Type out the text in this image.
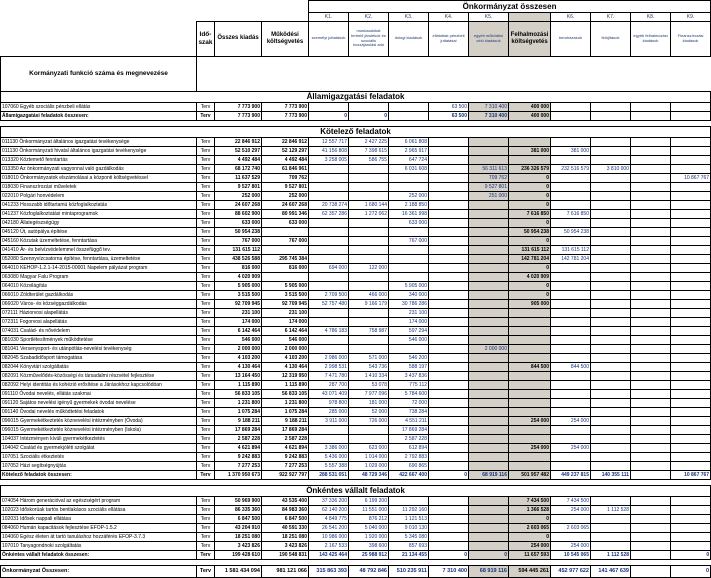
				Önkormányzat összesen									
				K1.	K2.	K3.	K4.	K5.		K6.	K7.	K8.	K9.
	Idő-szak	Összes kiadás	Működési költségvetés	személyi juttatások	munkaadókat terhelő járulékok és szociális hozzájárulási adó	dologi kiadások	ellátottak pénzbeli juttatásai	egyéb működési célú kiadások	Felhalmozási költségvetés	beruházások	felújítások	egyéb felhalmozási kiadások	Finanszírozási kiadások

Kormányzati funkció száma és megnevezése													
Államigazgatási feladatok													
107060 Egyéb szociális pénzbeli ellátás	Terv	7 773 900	7 773 900				63 500	7 310 400	400 000				
Államigazgatási feladatok összesen:	Terv	7 773 900	7 773 900	0	0		63 500	7 310 400	400 000				

Kötelező feladatok													
011130 Önkormányzat általános igazgatási tevékenysége	Terv	22 846 912	22 846 912	12 557 717	2 427 225	6 061 808							
011130 Önkormányzati hivatal általános igazgatási tevékenysége	Terv	52 510 297	52 129 297	41 156 808	7 398 615	2 965 917			381 000	381 000			
013320 Köztemető fenntartás	Terv	4 492 484	4 492 484	3 258 005	586 755	647 724							
013350 Az önkormányzati vagyonnal való gazdálkodás	Terv	68 172 740	61 846 961			6 031 608		56 311 613	236 326 579	232 516 579	3 810 000		
018010 Önkormányzatok elszámolásai a központi költségvetéssel	Terv	11 637 529	709 762					709 762	0				10 867 767
018030 Finanszírozási műveletek	Terv	9 527 801	9 527 801					9 527 801	0				
022010 Polgári honvédelem	Terv	252 000	252 000			252 000		251 000	0				
041233 Hosszabb időtartamú közfoglalkoztatás	Terv	24 607 268	24 607 268	20 738 274	1 680 144	2 188 850			0				
041237 Közfoglalkoztatási mintaprogramok	Terv	88 602 900	80 991 346	62 357 286	1 272 062	16 361 998			7 616 850	7 616 850			
042180 Állategészségügy	Terv	633 000	633 000			633 000			0				
045120 Út, autópálya építése	Terv	50 954 238							50 954 238	50 954 238			
045160 Közutak üzemeltetése, fenntartása	Terv	767 000	767 000			767 000			0				
041410 Ár- és belvízvédelemmel összefüggő tev.	Terv	131 615 112							131 615 112	131 615 112			
052080 Szennyvízcsatorna építése, fenntartása, üzemeltetése	Terv	438 526 588	295 745 384						142 781 204	142 781 204			
064010 KEHOP-1.2.1-14-2015-00001 Napelem pályázat program	Terv	816 000	816 000	694 000	122 000				0				
063080 Magyar Falu Program	Terv	4 020 909							4 020 909				
064010 Közvilágítás	Terv	5 905 000	5 905 000			5 905 000			0				
066010 Zöldterület gazdálkodás	Terv	3 515 500	3 515 500	2 709 500	466 000	340 000			0				
066020 Város- és községgazdálkodás	Terv	92 709 945	92 709 945	52 757 480	9 166 179	30 786 286			905 000				
072111 Háziorvosi alapellátás	Terv	231 100	231 100			231 100							
072311 Fogorvosi alapellátás	Terv	174 000	174 000			174 000							
074031 Család- és nővédelem	Terv	6 142 464	6 142 464	4 786 183	758 987	597 294							
081030 Sportlétesítmények működtetése	Terv	546 000	546 000			546 000							
081041 Versenysport- és utánpótlás-nevelési tevékenység	Terv	2 000 000	2 000 000					2 000 000					
082045 Szabadidősport támogatása	Terv	4 103 200	4 103 200	2 986 000	571 000	546 200							
082044 Könyvtári szolgáltatás	Terv	4 130 464	4 130 464	2 998 531	543 736	588 197			844 500	844 500			
082091 Közművelődés-közösségi és társadalmi részvétel fejlesztése	Terv	13 164 450	12 319 950	7 471 780	1 410 334	3 437 836							
082092 Helyi identitás és kohézió erősítése a Járásokhoz kapcsolódóan	Terv	1 115 890	1 115 890	287 700	53 078	775 112							
091110 Óvodai nevelés, ellátás szakmai	Terv	56 833 105	56 833 105	43 071 409	7 977 096	5 784 600							
091120 Sajátos nevelési igényű gyermekek óvodai nevelése	Terv	1 231 800	1 231 800	978 800	181 000	72 000							
091140 Óvodai nevelés működtetési feladatok	Terv	1 075 284	1 075 284	285 000	52 000	738 284							
096015 Gyermekétkeztetés köznevelési intézményben (Óvoda)	Terv	9 188 211	9 188 211	3 911 000	726 000	4 551 211			254 000	254 000			
096015 Gyermekétkeztetés köznevelési intézményben (Iskola)	Terv	17 869 284	17 869 284			17 869 284							
104037 Intézményen kívüli gyermekétkeztetés	Terv	2 587 228	2 587 228			2 587 228							
104042 Család és gyermekjóléti szolgálat	Terv	4 621 894	4 621 894	3 386 000	623 000	612 894			254 000	254 000			
107051 Szociális étkeztetés	Terv	9 242 883	9 242 883	5 436 000	1 014 000	2 792 883							
107052 Házi segítségnyújtás	Terv	7 277 253	7 277 253	5 557 388	1 029 000	690 865							
Kötelező feladatok összesen:	Terv	1 370 950 673	922 927 797	288 531 051	48 729 346	422 667 400	0	68 919 116	501 957 482	449 237 815	140 355 111		10 867 767

Önkéntes vállalt feladatok													
074054 Három generációval az egészségért program	Terv	50 969 900	43 535 400	37 336 200	6 199 200				7 434 500	7 434 500			
102023 Időskorúak tartós bentlakásos szociális ellátása	Terv	86 335 360	84 983 360	62 140 200	11 551 000	11 292 160			1 366 528	254 000	1 112 528		
102031 Idősek nappali ellátása	Terv	6 847 500	6 847 500	4 849 775	876 212	1 121 513			0				
084060 Humán kapacitások fejlesztése EFOP-1.5.2	Terv	43 204 910	40 591 330	26 541 200	5 040 000	9 010 130			2 603 065	2 603 065			
104060 Egész életen át tartó tanuláshoz hozzáférés EFOP-3.7.3	Terv	18 251 080	18 251 080	10 986 000	1 920 000	5 345 080			0				
107010 Tanyagondnoki szolgáltatás	Terv	3 423 826	3 423 826	2 167 533	398 600	857 693			254 000	254 000			
Önkéntes vállalt feladatok összesen:	Terv	199 428 610	190 548 831	143 425 464	25 988 912	21 134 455	0	0	11 657 593	10 545 065	1 112 528		0

Önkormányzat Összesen:	Terv	1 581 434 094	981 121 066	315 863 393	48 792 846	510 235 911	7 310 400	68 919 116	594 445 261	452 977 622	141 467 639		0
